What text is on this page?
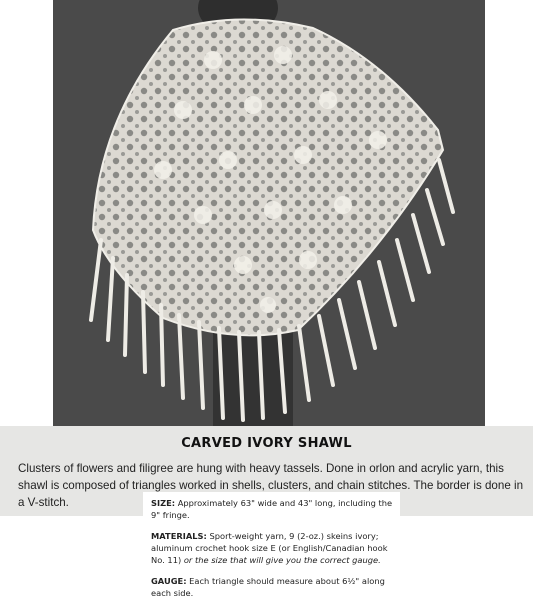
CARVED IVORY SHAWL
Clusters of flowers and filigree are hung with heavy tassels. Done in orlon and acrylic yarn, this shawl is composed of triangles worked in shells, clusters, and chain stitches. The border is done in a V-stitch.	SIZE: Approximately 63" wide and 43" long, including the 9" fringe.
MATERIALS: Sport-weight yarn, 9 (2-oz.) skeins ivory; aluminum crochet hook size E (or English/Canadian hook No. 11) or the size that will give you the correct gauge.
GAUGE: Each triangle should measure about 6½" along each side.
